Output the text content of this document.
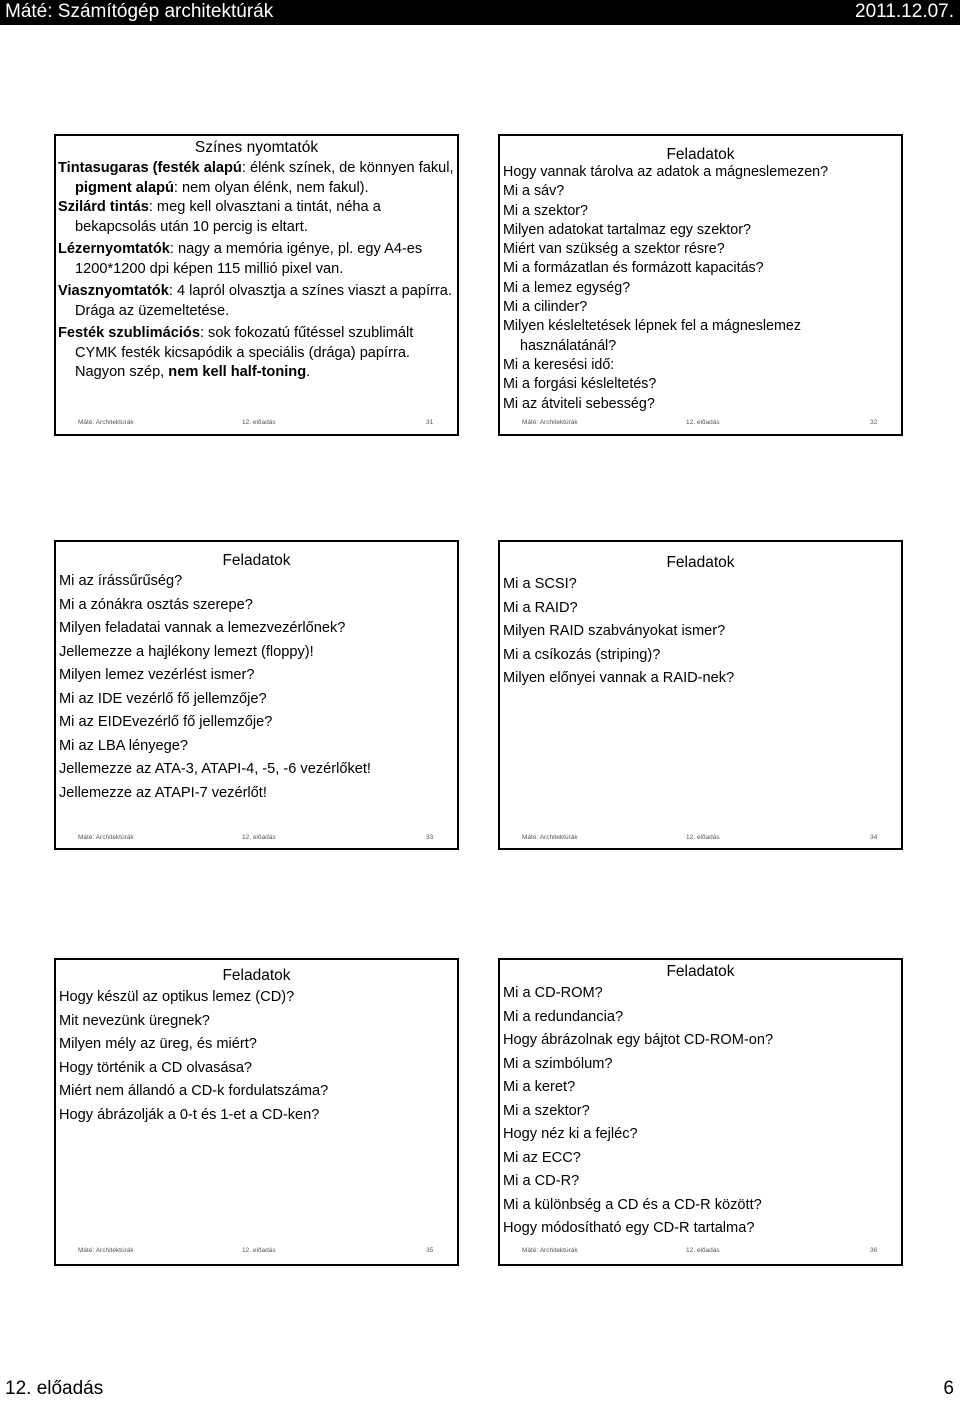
Máté: Számítógép architektúrák	2011.12.07.
Színes nyomtatók
Tintasugaras (festék alapú: élénk színek, de könnyen fakul, pigment alapú: nem olyan élénk, nem fakul).
Szilárd tintás: meg kell olvasztani a tintát, néha a bekapcsolás után 10 percig is eltart.
Lézernyomtatók: nagy a memória igénye, pl. egy A4-es 1200*1200 dpi képen 115 millió pixel van.
Viasznyomtatók: 4 lapról olvasztja a színes viaszt a papírra. Drága az üzemeltetése.
Festék szublimációs: sok fokozatú fűtéssel szublimált CYMK festék kicsapódik a speciális (drága) papírra. Nagyon szép, nem kell half-toning.
Máté: Architektúrák	12. előadás	31
Feladatok
Hogy vannak tárolva az adatok a mágneslemezen?
Mi a sáv?
Mi a szektor?
Milyen adatokat tartalmaz egy szektor?
Miért van szükség a szektor résre?
Mi a formázatlan és formázott kapacitás?
Mi a lemez egység?
Mi a cilinder?
Milyen késleltetések lépnek fel a mágneslemez használatánál?
Mi a keresési idő:
Mi a forgási késleltetés?
Mi az átviteli sebesség?
Máté: Architektúrák	12. előadás	32
Feladatok
Mi az írássűrűség?
Mi a zónákra osztás szerepe?
Milyen feladatai vannak a lemezvezérlőnek?
Jellemezze a hajlékony lemezt (floppy)!
Milyen lemez vezérlést ismer?
Mi az IDE vezérlő fő jellemzője?
Mi az EIDEvezérlő fő jellemzője?
Mi az LBA lényege?
Jellemezze az ATA-3, ATAPI-4, -5, -6 vezérlőket!
Jellemezze az ATAPI-7 vezérlőt!
Máté: Architektúrák	12. előadás	33
Feladatok
Mi a SCSI?
Mi a RAID?
Milyen RAID szabványokat ismer?
Mi a csíkozás (striping)?
Milyen előnyei vannak a RAID-nek?
Máté: Architektúrák	12. előadás	34
Feladatok
Hogy készül az optikus lemez (CD)?
Mit nevezünk üregnek?
Milyen mély az üreg, és miért?
Hogy történik a CD olvasása?
Miért nem állandó a CD-k fordulatszáma?
Hogy ábrázolják a 0-t és 1-et a CD-ken?
Máté: Architektúrák	12. előadás	35
Feladatok
Mi a CD-ROM?
Mi a redundancia?
Hogy ábrázolnak egy bájtot CD-ROM-on?
Mi a szimbólum?
Mi a keret?
Mi a szektor?
Hogy néz ki a fejléc?
Mi az ECC?
Mi a CD-R?
Mi a különbség a CD és a CD-R között?
Hogy módosítható egy CD-R tartalma?
Máté: Architektúrák	12. előadás	36
12. előadás	6
